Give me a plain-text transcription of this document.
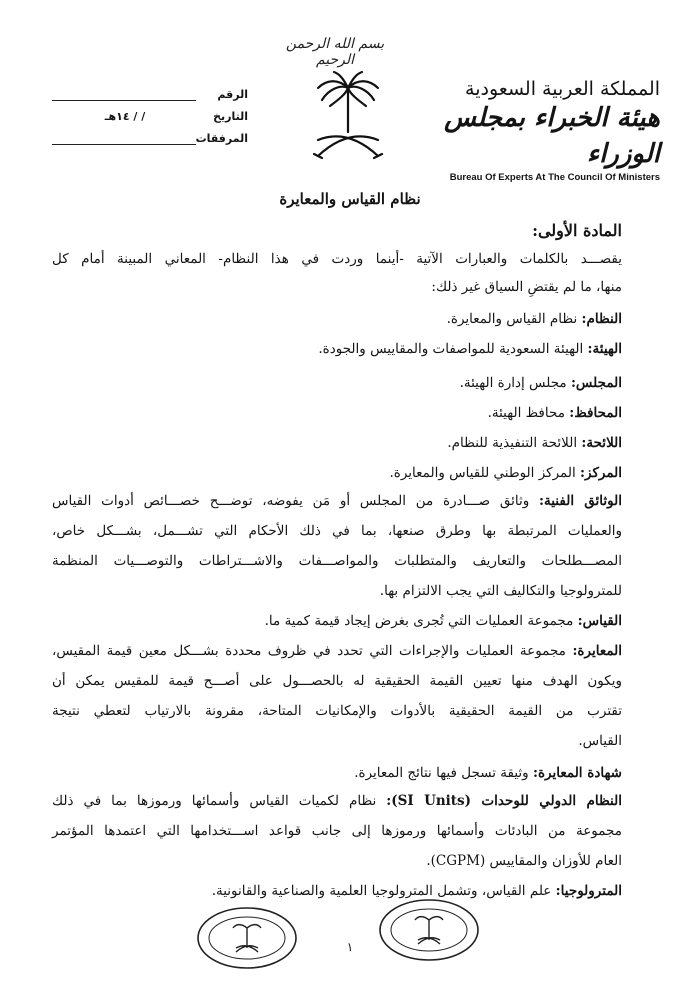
بسم الله الرحمن الرحيم
المملكة العربية السعودية
هيئة الخبراء بمجلس الوزراء
Bureau Of Experts At The Council Of Ministers
الرقم
التاريخ
/ / ١٤هـ
المرفقات
نظام القياس والمعايرة
المادة الأولى:
يقصـــد بالكلمات والعبارات الآتية -أينما وردت في هذا النظام- المعاني المبينة أمام كل
منها، ما لم يقتضِ السياق غير ذلك:
النظام: نظام القياس والمعايرة.
الهيئة: الهيئة السعودية للمواصفات والمقاييس والجودة.
المجلس: مجلس إدارة الهيئة.
المحافظ: محافظ الهيئة.
اللائحة: اللائحة التنفيذية للنظام.
المركز: المركز الوطني للقياس والمعايرة.
الوثائق الفنية: وثائق صـــادرة من المجلس أو مَن يفوضه، توضـــح خصـــائص أدوات القياس
والعمليات المرتبطة بها وطرق صنعها، بما في ذلك الأحكام التي تشـــمل، بشـــكل خاص،
المصـــطلحات والتعاريف والمتطلبات والمواصـــفات والاشـــتراطات والتوصـــيات المنظمة
للمترولوجيا والتكاليف التي يجب الالتزام بها.
القياس: مجموعة العمليات التي تُجرى بغرض إيجاد قيمة كمية ما.
المعايرة: مجموعة العمليات والإجراءات التي تحدد في ظروف محددة بشـــكل معين قيمة المقيس،
ويكون الهدف منها تعيين القيمة الحقيقية له بالحصـــول على أصـــح قيمة للمقيس يمكن أن
تقترب من القيمة الحقيقية بالأدوات والإمكانيات المتاحة، مقرونة بالارتياب لتعطي نتيجة
القياس.
شهادة المعايرة: وثيقة تسجل فيها نتائج المعايرة.
النظام الدولي للوحدات (SI Units): نظام لكميات القياس وأسمائها ورموزها بما في ذلك
مجموعة من البادئات وأسمائها ورموزها إلى جانب قواعد اســـتخدامها التي اعتمدها المؤتمر
العام للأوزان والمقاييس (CGPM).
المترولوجيا: علم القياس، وتشمل المترولوجيا العلمية والصناعية والقانونية.
١
